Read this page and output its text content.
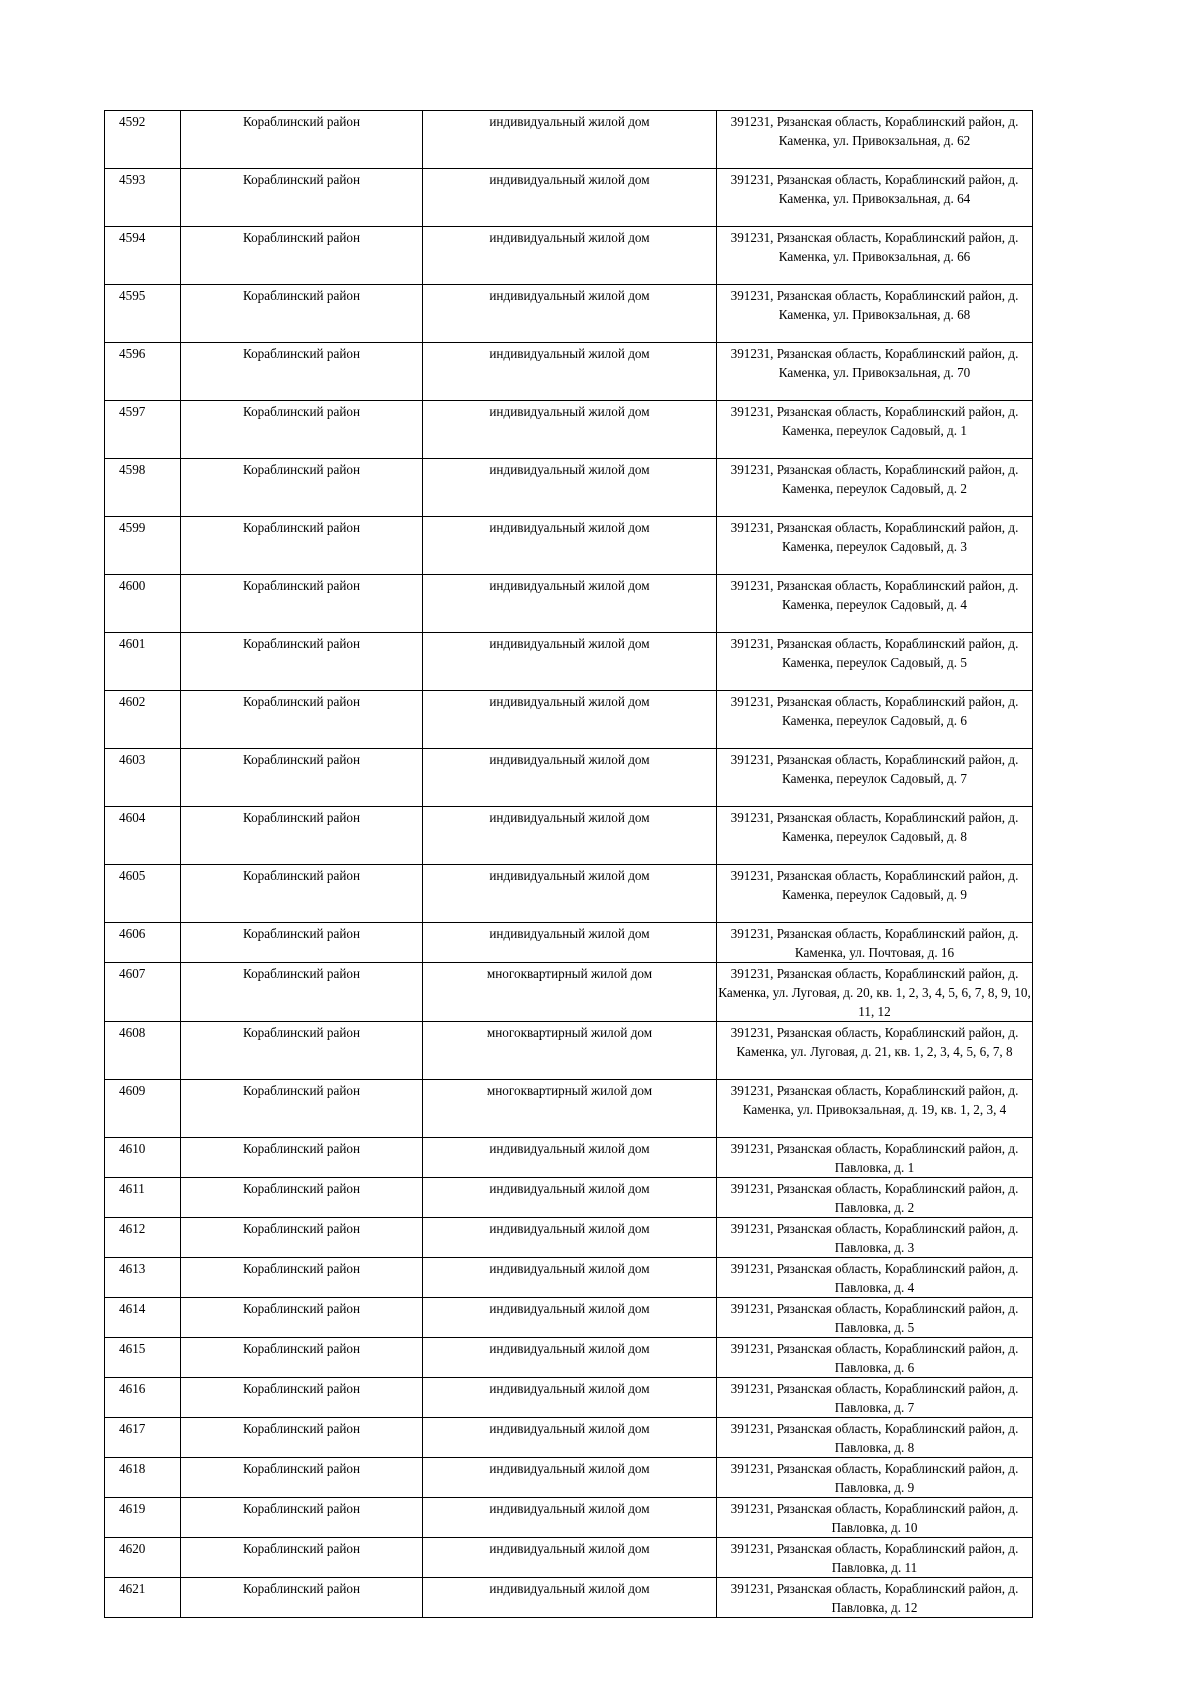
4592	Кораблинский район	индивидуальный жилой дом	391231, Рязанская область, Кораблинский район, д. Каменка, ул. Привокзальная, д. 62
4593	Кораблинский район	индивидуальный жилой дом	391231, Рязанская область, Кораблинский район, д. Каменка, ул. Привокзальная, д. 64
4594	Кораблинский район	индивидуальный жилой дом	391231, Рязанская область, Кораблинский район, д. Каменка, ул. Привокзальная, д. 66
4595	Кораблинский район	индивидуальный жилой дом	391231, Рязанская область, Кораблинский район, д. Каменка, ул. Привокзальная, д. 68
4596	Кораблинский район	индивидуальный жилой дом	391231, Рязанская область, Кораблинский район, д. Каменка, ул. Привокзальная, д. 70
4597	Кораблинский район	индивидуальный жилой дом	391231, Рязанская область, Кораблинский район, д. Каменка, переулок Садовый, д. 1
4598	Кораблинский район	индивидуальный жилой дом	391231, Рязанская область, Кораблинский район, д. Каменка, переулок Садовый, д. 2
4599	Кораблинский район	индивидуальный жилой дом	391231, Рязанская область, Кораблинский район, д. Каменка, переулок Садовый, д. 3
4600	Кораблинский район	индивидуальный жилой дом	391231, Рязанская область, Кораблинский район, д. Каменка, переулок Садовый, д. 4
4601	Кораблинский район	индивидуальный жилой дом	391231, Рязанская область, Кораблинский район, д. Каменка, переулок Садовый, д. 5
4602	Кораблинский район	индивидуальный жилой дом	391231, Рязанская область, Кораблинский район, д. Каменка, переулок Садовый, д. 6
4603	Кораблинский район	индивидуальный жилой дом	391231, Рязанская область, Кораблинский район, д. Каменка, переулок Садовый, д. 7
4604	Кораблинский район	индивидуальный жилой дом	391231, Рязанская область, Кораблинский район, д. Каменка, переулок Садовый, д. 8
4605	Кораблинский район	индивидуальный жилой дом	391231, Рязанская область, Кораблинский район, д. Каменка, переулок Садовый, д. 9
4606	Кораблинский район	индивидуальный жилой дом	391231, Рязанская область, Кораблинский район, д. Каменка, ул. Почтовая, д. 16
4607	Кораблинский район	многоквартирный жилой дом	391231, Рязанская область, Кораблинский район, д. Каменка, ул. Луговая, д. 20, кв. 1, 2, 3, 4, 5, 6, 7, 8, 9, 10, 11, 12
4608	Кораблинский район	многоквартирный жилой дом	391231, Рязанская область, Кораблинский район, д. Каменка, ул. Луговая, д. 21, кв. 1, 2, 3, 4, 5, 6, 7, 8
4609	Кораблинский район	многоквартирный жилой дом	391231, Рязанская область, Кораблинский район, д. Каменка, ул. Привокзальная, д. 19, кв. 1, 2, 3, 4
4610	Кораблинский район	индивидуальный жилой дом	391231, Рязанская область, Кораблинский район, д. Павловка, д. 1
4611	Кораблинский район	индивидуальный жилой дом	391231, Рязанская область, Кораблинский район, д. Павловка, д. 2
4612	Кораблинский район	индивидуальный жилой дом	391231, Рязанская область, Кораблинский район, д. Павловка, д. 3
4613	Кораблинский район	индивидуальный жилой дом	391231, Рязанская область, Кораблинский район, д. Павловка, д. 4
4614	Кораблинский район	индивидуальный жилой дом	391231, Рязанская область, Кораблинский район, д. Павловка, д. 5
4615	Кораблинский район	индивидуальный жилой дом	391231, Рязанская область, Кораблинский район, д. Павловка, д. 6
4616	Кораблинский район	индивидуальный жилой дом	391231, Рязанская область, Кораблинский район, д. Павловка, д. 7
4617	Кораблинский район	индивидуальный жилой дом	391231, Рязанская область, Кораблинский район, д. Павловка, д. 8
4618	Кораблинский район	индивидуальный жилой дом	391231, Рязанская область, Кораблинский район, д. Павловка, д. 9
4619	Кораблинский район	индивидуальный жилой дом	391231, Рязанская область, Кораблинский район, д. Павловка, д. 10
4620	Кораблинский район	индивидуальный жилой дом	391231, Рязанская область, Кораблинский район, д. Павловка, д. 11
4621	Кораблинский район	индивидуальный жилой дом	391231, Рязанская область, Кораблинский район, д. Павловка, д. 12
